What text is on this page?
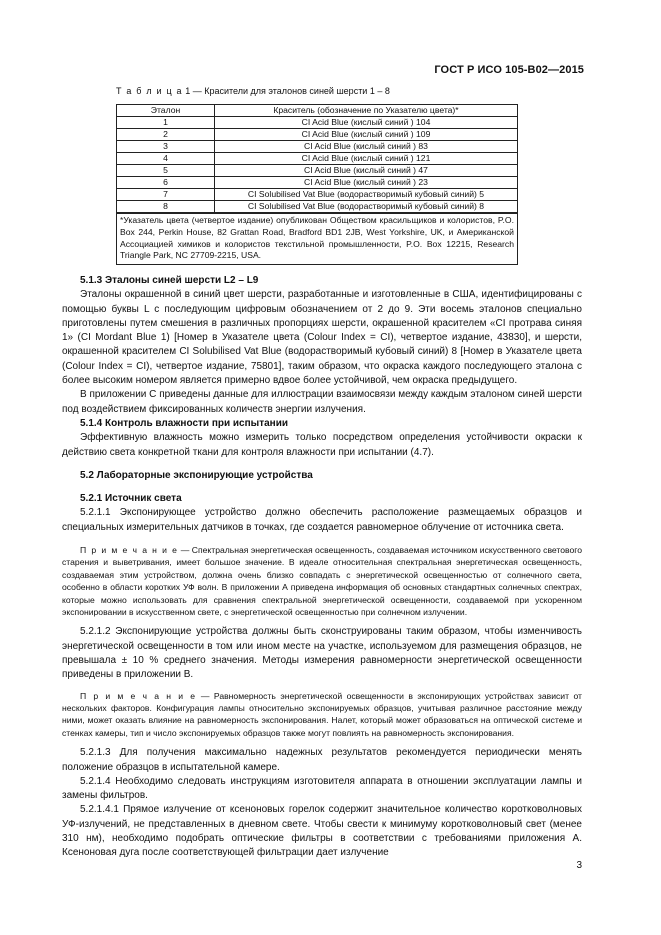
ГОСТ Р ИСО 105-В02—2015
Т а б л и ц а 1 — Красители для эталонов синей шерсти 1 – 8
Эталон	Краситель (обозначение по Указателю цвета)*
1	CI Acid Blue (кислый синий ) 104
2	CI Acid Blue (кислый синий ) 109
3	CI Acid Blue (кислый синий ) 83
4	CI Acid Blue (кислый синий ) 121
5	CI Acid Blue (кислый синий ) 47
6	CI Acid Blue (кислый синий ) 23
7	CI Solubilised Vat Blue (водорастворимый кубовый синий) 5
8	CI Solubilised Vat Blue (водорастворимый кубовый синий) 8
*Указатель цвета (четвертое издание) опубликован Обществом красильщиков и колористов, P.O. Box 244, Perkin House, 82 Grattan Road, Bradford BD1 2JB, West Yorkshire, UK, и Американской Ассоциацией химиков и колористов текстильной промышленности, P.O. Box 12215, Research Triangle Park, NC 27709-2215, USA.	

5.1.3 Эталоны синей шерсти L2 – L9

Эталоны окрашенной в синий цвет шерсти, разработанные и изготовленные в США, идентифицированы с помощью буквы L с последующим цифровым обозначением от 2 до 9. Эти восемь эталонов специально приготовлены путем смешения в различных пропорциях шерсти, окрашенной красителем «CI протрава синяя 1» (CI Mordant Blue 1) [Номер в Указателе цвета (Colour Index = CI), четвертое издание, 43830], и шерсти, окрашенной красителем CI Solubilised Vat Blue (водорастворимый кубовый синий) 8 [Номер в Указателе цвета (Colour Index = CI), четвертое издание, 75801], таким образом, что окраска каждого последующего эталона с более высоким номером является примерно вдвое более устойчивой, чем окраска предыдущего.

В приложении С приведены данные для иллюстрации взаимосвязи между каждым эталоном синей шерсти под воздействием фиксированных количеств энергии излучения.

5.1.4 Контроль влажности при испытании

Эффективную влажность можно измерить только посредством определения устойчивости окраски к действию света конкретной ткани для контроля влажности при испытании (4.7).

5.2 Лабораторные экспонирующие устройства

5.2.1 Источник света

5.2.1.1 Экспонирующее устройство должно обеспечить расположение размещаемых образцов и специальных измерительных датчиков в точках, где создается равномерное облучение от источника света.

П р и м е ч а н и е — Спектральная энергетическая освещенность, создаваемая источником искусственного светового старения и выветривания, имеет большое значение. В идеале относительная спектральная энергетическая освещенность, создаваемая этим устройством, должна очень близко совпадать с энергетической освещенностью от солнечного света, особенно в области коротких УФ волн. В приложении А приведена информация об основных стандартных солнечных спектрах, которые можно использовать для сравнения спектральной энергетической освещенности, создаваемой при ускоренном экспонировании в искусственном свете, с энергетической освещенностью при солнечном излучении.

5.2.1.2 Экспонирующие устройства должны быть сконструированы таким образом, чтобы изменчивость энергетической освещенности в том или ином месте на участке, используемом для размещения образцов, не превышала ± 10 % среднего значения. Методы измерения равномерности энергетической освещенности приведены в приложении В.

П р и м е ч а н и е — Равномерность энергетической освещенности в экспонирующих устройствах зависит от нескольких факторов. Конфигурация лампы относительно экспонируемых образцов, учитывая различное расстояние между ними, может оказать влияние на равномерность экспонирования. Налет, который может образоваться на оптической системе и стенках камеры, тип и число экспонируемых образцов также могут повлиять на равномерность экспонирования.

5.2.1.3 Для получения максимально надежных результатов рекомендуется периодически менять положение образцов в испытательной камере.

5.2.1.4 Необходимо следовать инструкциям изготовителя аппарата в отношении эксплуатации лампы и замены фильтров.

5.2.1.4.1 Прямое излучение от ксеноновых горелок содержит значительное количество коротковолновых УФ-излучений, не представленных в дневном свете. Чтобы свести к минимуму коротковолновый свет (менее 310 нм), необходимо подобрать оптические фильтры в соответствии с требованиями приложения А. Ксеноновая дуга после соответствующей фильтрации дает излучение

3
